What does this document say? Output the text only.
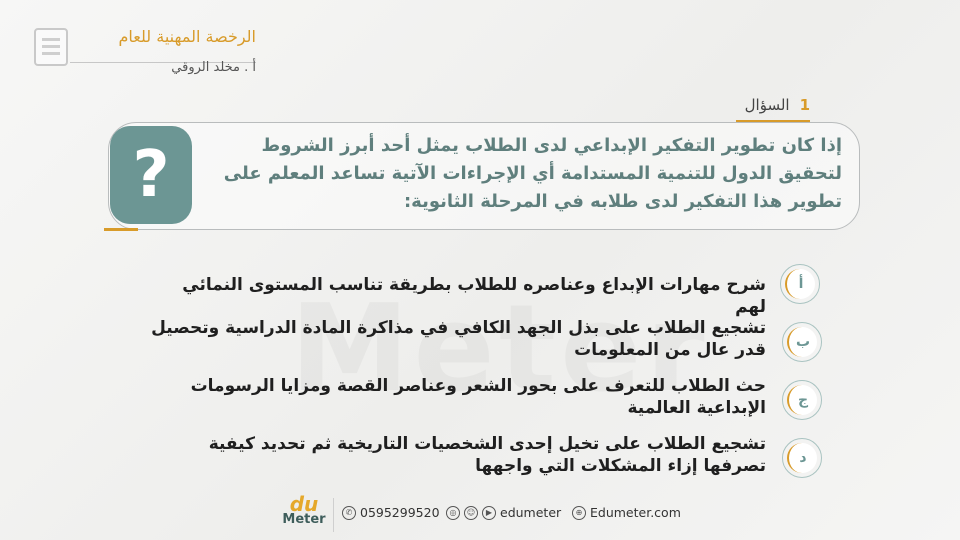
الرخصة المهنية للعام
أ . مخلد الروقي
1السؤال
?	إذا كان تطوير التفكير الإبداعي لدى الطلاب يمثل أحد أبرز الشروط لتحقيق الدول للتنمية المستدامة أي الإجراءات الآتية تساعد المعلم على تطوير هذا التفكير لدى طلابه في المرحلة الثانوية:
أ
شرح مهارات الإبداع وعناصره للطلاب بطريقة تناسب المستوى النمائي لهم
ب
تشجيع الطلاب على بذل الجهد الكافي في مذاكرة المادة الدراسية وتحصيل قدر عال من المعلومات
ج
حث الطلاب للتعرف على بحور الشعر وعناصر القصة ومزايا الرسومات الإبداعية العالمية
د
تشجيع الطلاب على تخيل إحدى الشخصيات التاريخية ثم تحديد كيفية تصرفها إزاء المشكلات التي واجهها
du
Meter	✆ 0595299520	◎	☺	▶ edumeter	⊕ Edumeter.com
